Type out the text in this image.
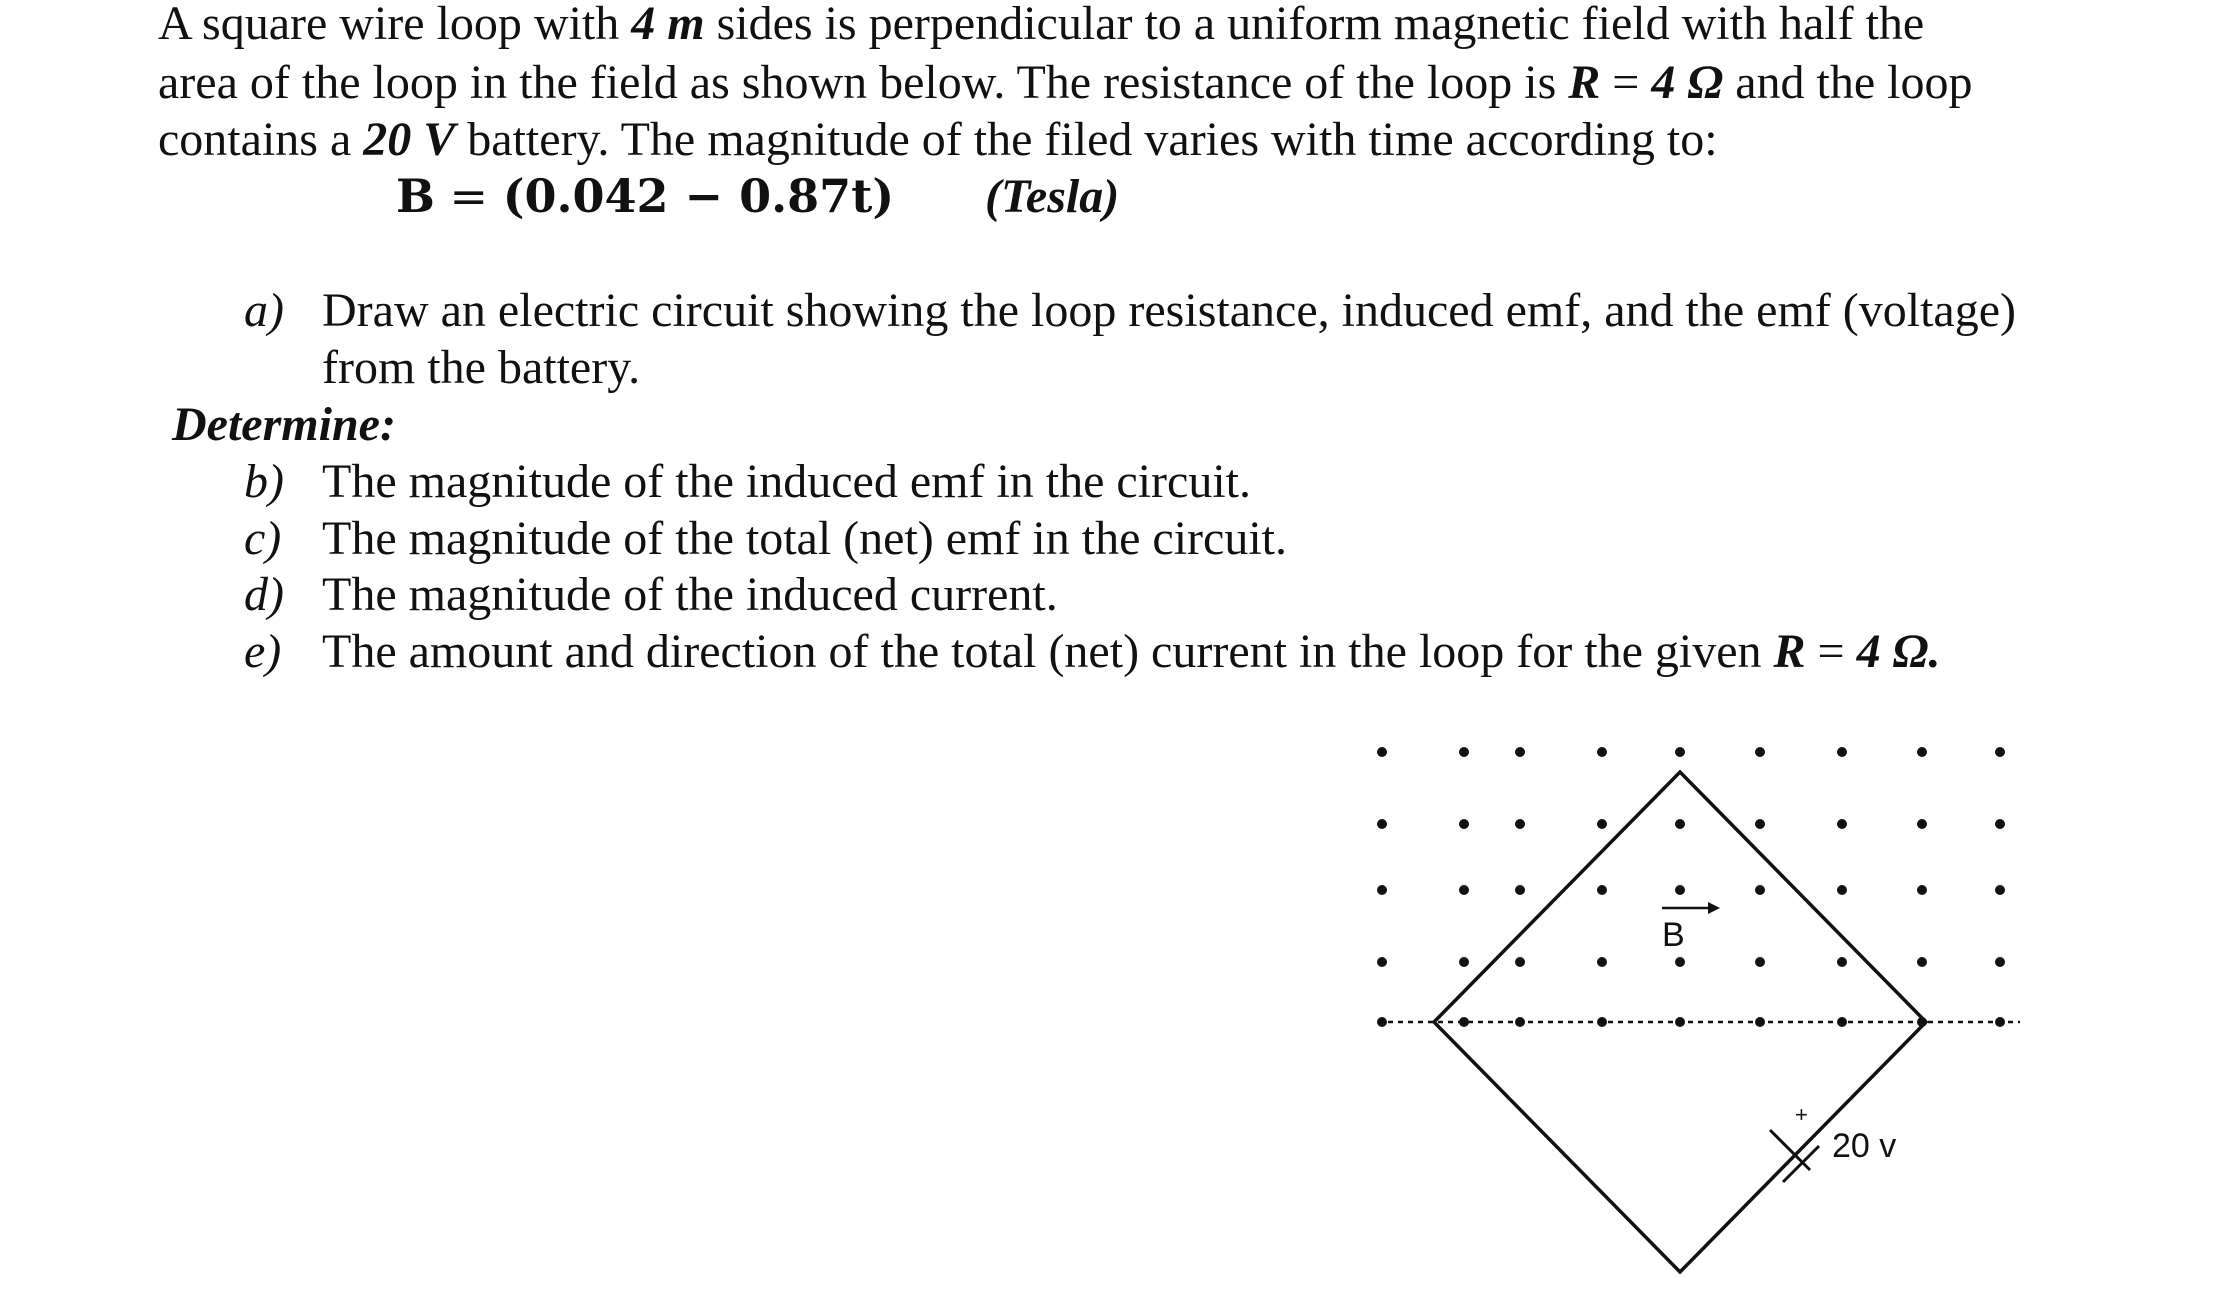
A square wire loop with 4 m sides is perpendicular to a uniform magnetic field with half the
area of the loop in the field as shown below. The resistance of the loop is R = 4 Ω and the loop
contains a 20 V battery. The magnitude of the filed varies with time according to:
B = (0.042 − 0.87t) (Tesla)
a) Draw an electric circuit showing the loop resistance, induced emf, and the emf (voltage)
from the battery.
Determine:
b) The magnitude of the induced emf in the circuit.
c) The magnitude of the total (net) emf in the circuit.
d) The magnitude of the induced current.
e) The amount and direction of the total (net) current in the loop for the given R = 4 Ω.
B
+
20 v
